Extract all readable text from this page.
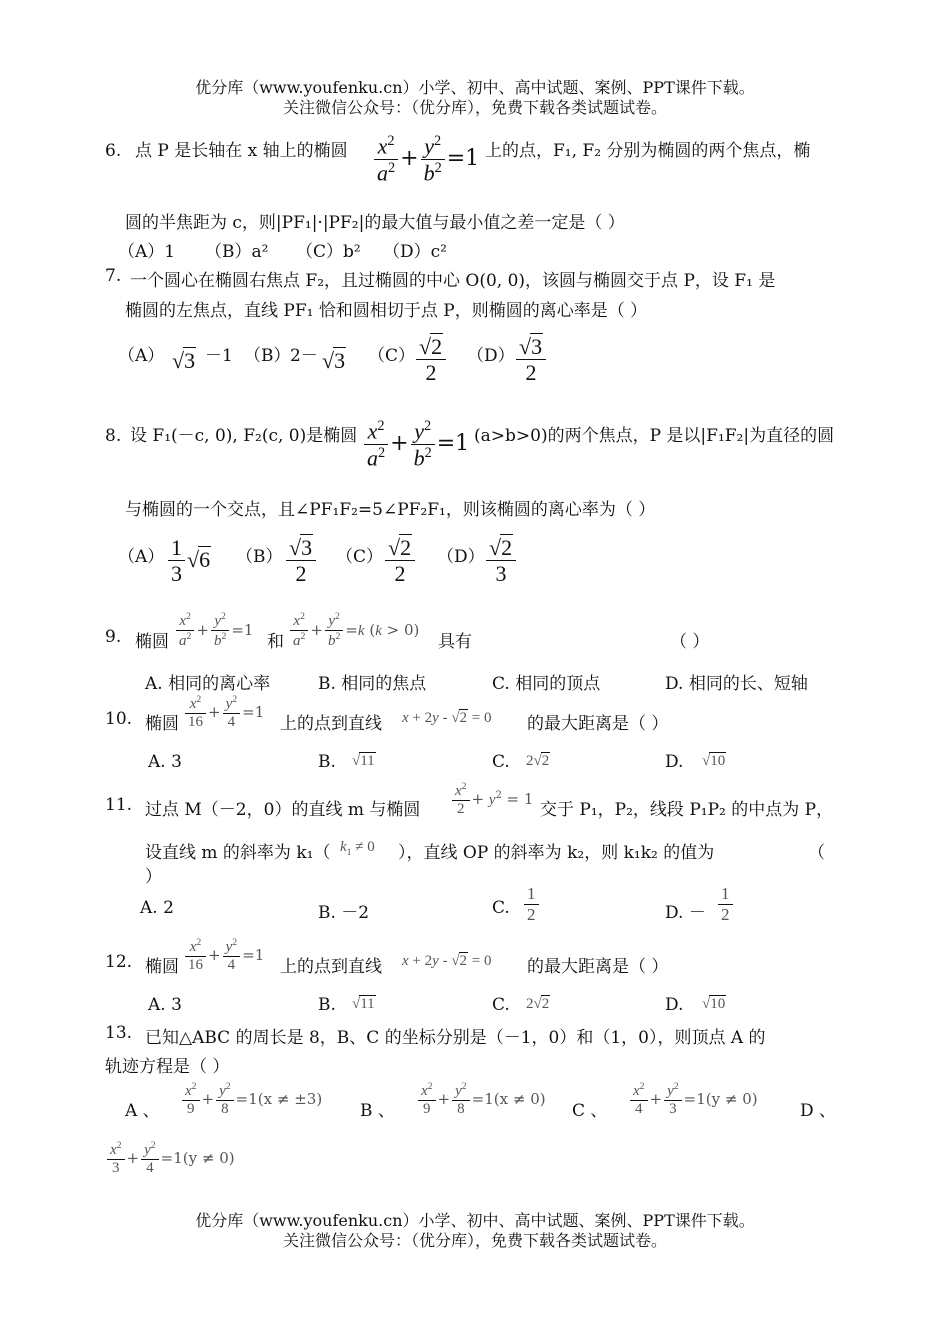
优分库（www.youfenku.cn）小学、初中、高中试题、案例、PPT课件下载。
关注微信公众号：（优分库），免费下载各类试题试卷。
6. 点 P 是长轴在 x 轴上的椭圆 $\frac{x^2}{a^2} + \frac{y^2}{b^2} =1$ 上的点，F₁, F₂ 分别为椭圆的两个焦点，椭
圆的半焦距为 c，则|PF₁|·|PF₂|的最大值与最小值之差一定是（ ）
（A）1 （B）a² （C）b² （D）c²
7. 一个圆心在椭圆右焦点 F₂，且过椭圆的中心 O(0, 0)，该圆与椭圆交于点 P，设 F₁ 是
椭圆的左焦点，直线 PF₁ 恰和圆相切于点 P，则椭圆的离心率是（ ）
（A） √3 －1 （B） 2－ √3 $(C) \frac{√2}{2} (D) \frac{√3}{2}$
8. 设 F₁(－c, 0), F₂(c, 0)是椭圆 $\frac{x^2}{a^2} + \frac{y^2}{b^2} =1$ (a>b>0)的两个焦点，P 是以|F₁F₂|为直径的圆
与椭圆的一个交点，且∠PF₁F₂=5∠PF₂F₁，则该椭圆的离心率为（ ）
$(A) \frac{1}{3} √6$ $(B) \frac{√3}{2} (C) \frac{√2}{2} (D) \frac{√2}{3}$
9. 椭圆 $\frac{x^2}{a^2} + \frac{y^2}{b^2} =1$
和 $\frac{x^2}{a^2} + \frac{y^2}{b^2} =k$ (k > 0)
具有	（ ）
A. 相同的离心率	B. 相同的焦点	C. 相同的顶点	D. 相同的长、短轴
10. 椭圆 $\frac{x^2}{16} + \frac{y^2}{4} =1$
上的点到直线 x + 2y - √2 = 0 的最大距离是（ ）
A. 3	B. √11	C. 2√2	D. √10
11. 过点 M（－2，0）的直线 m 与椭圆 $\frac{x^2}{2} + y^2 = 1$
交于 P₁，P₂，线段 P₁P₂ 的中点为 P，
设直线 m 的斜率为 k₁（ $k_1 \ne 0$ ），直线 OP 的斜率为 k₂，则 k₁k₂ 的值为	（
）
A. 2	B. －2	C. $\frac{1}{2}$	D. － $\frac{1}{2}$
12. 椭圆 $\frac{x^2}{16} + \frac{y^2}{4} =1$
上的点到直线 x + 2y - √2 = 0 的最大距离是（ ）
A. 3	B. √11	C. 2√2	D. √10
13. 已知△ABC 的周长是 8，B、C 的坐标分别是（－1，0）和（1，0），则顶点 A 的
轨迹方程是（ ）
A 、 $\frac{x^2}{9} + \frac{y^2}{8} =1(x \ne \pm 3)$
B 、 $\frac{x^2}{9} + \frac{y^2}{8} =1(x \ne 0)$
C 、 $\frac{x^2}{4} + \frac{y^2}{3} =1(y \ne 0)$
D 、
$\frac{x^2}{3} + \frac{y^2}{4} =1(y \ne 0)$
优分库（www.youfenku.cn）小学、初中、高中试题、案例、PPT课件下载。
关注微信公众号：（优分库），免费下载各类试题试卷。
